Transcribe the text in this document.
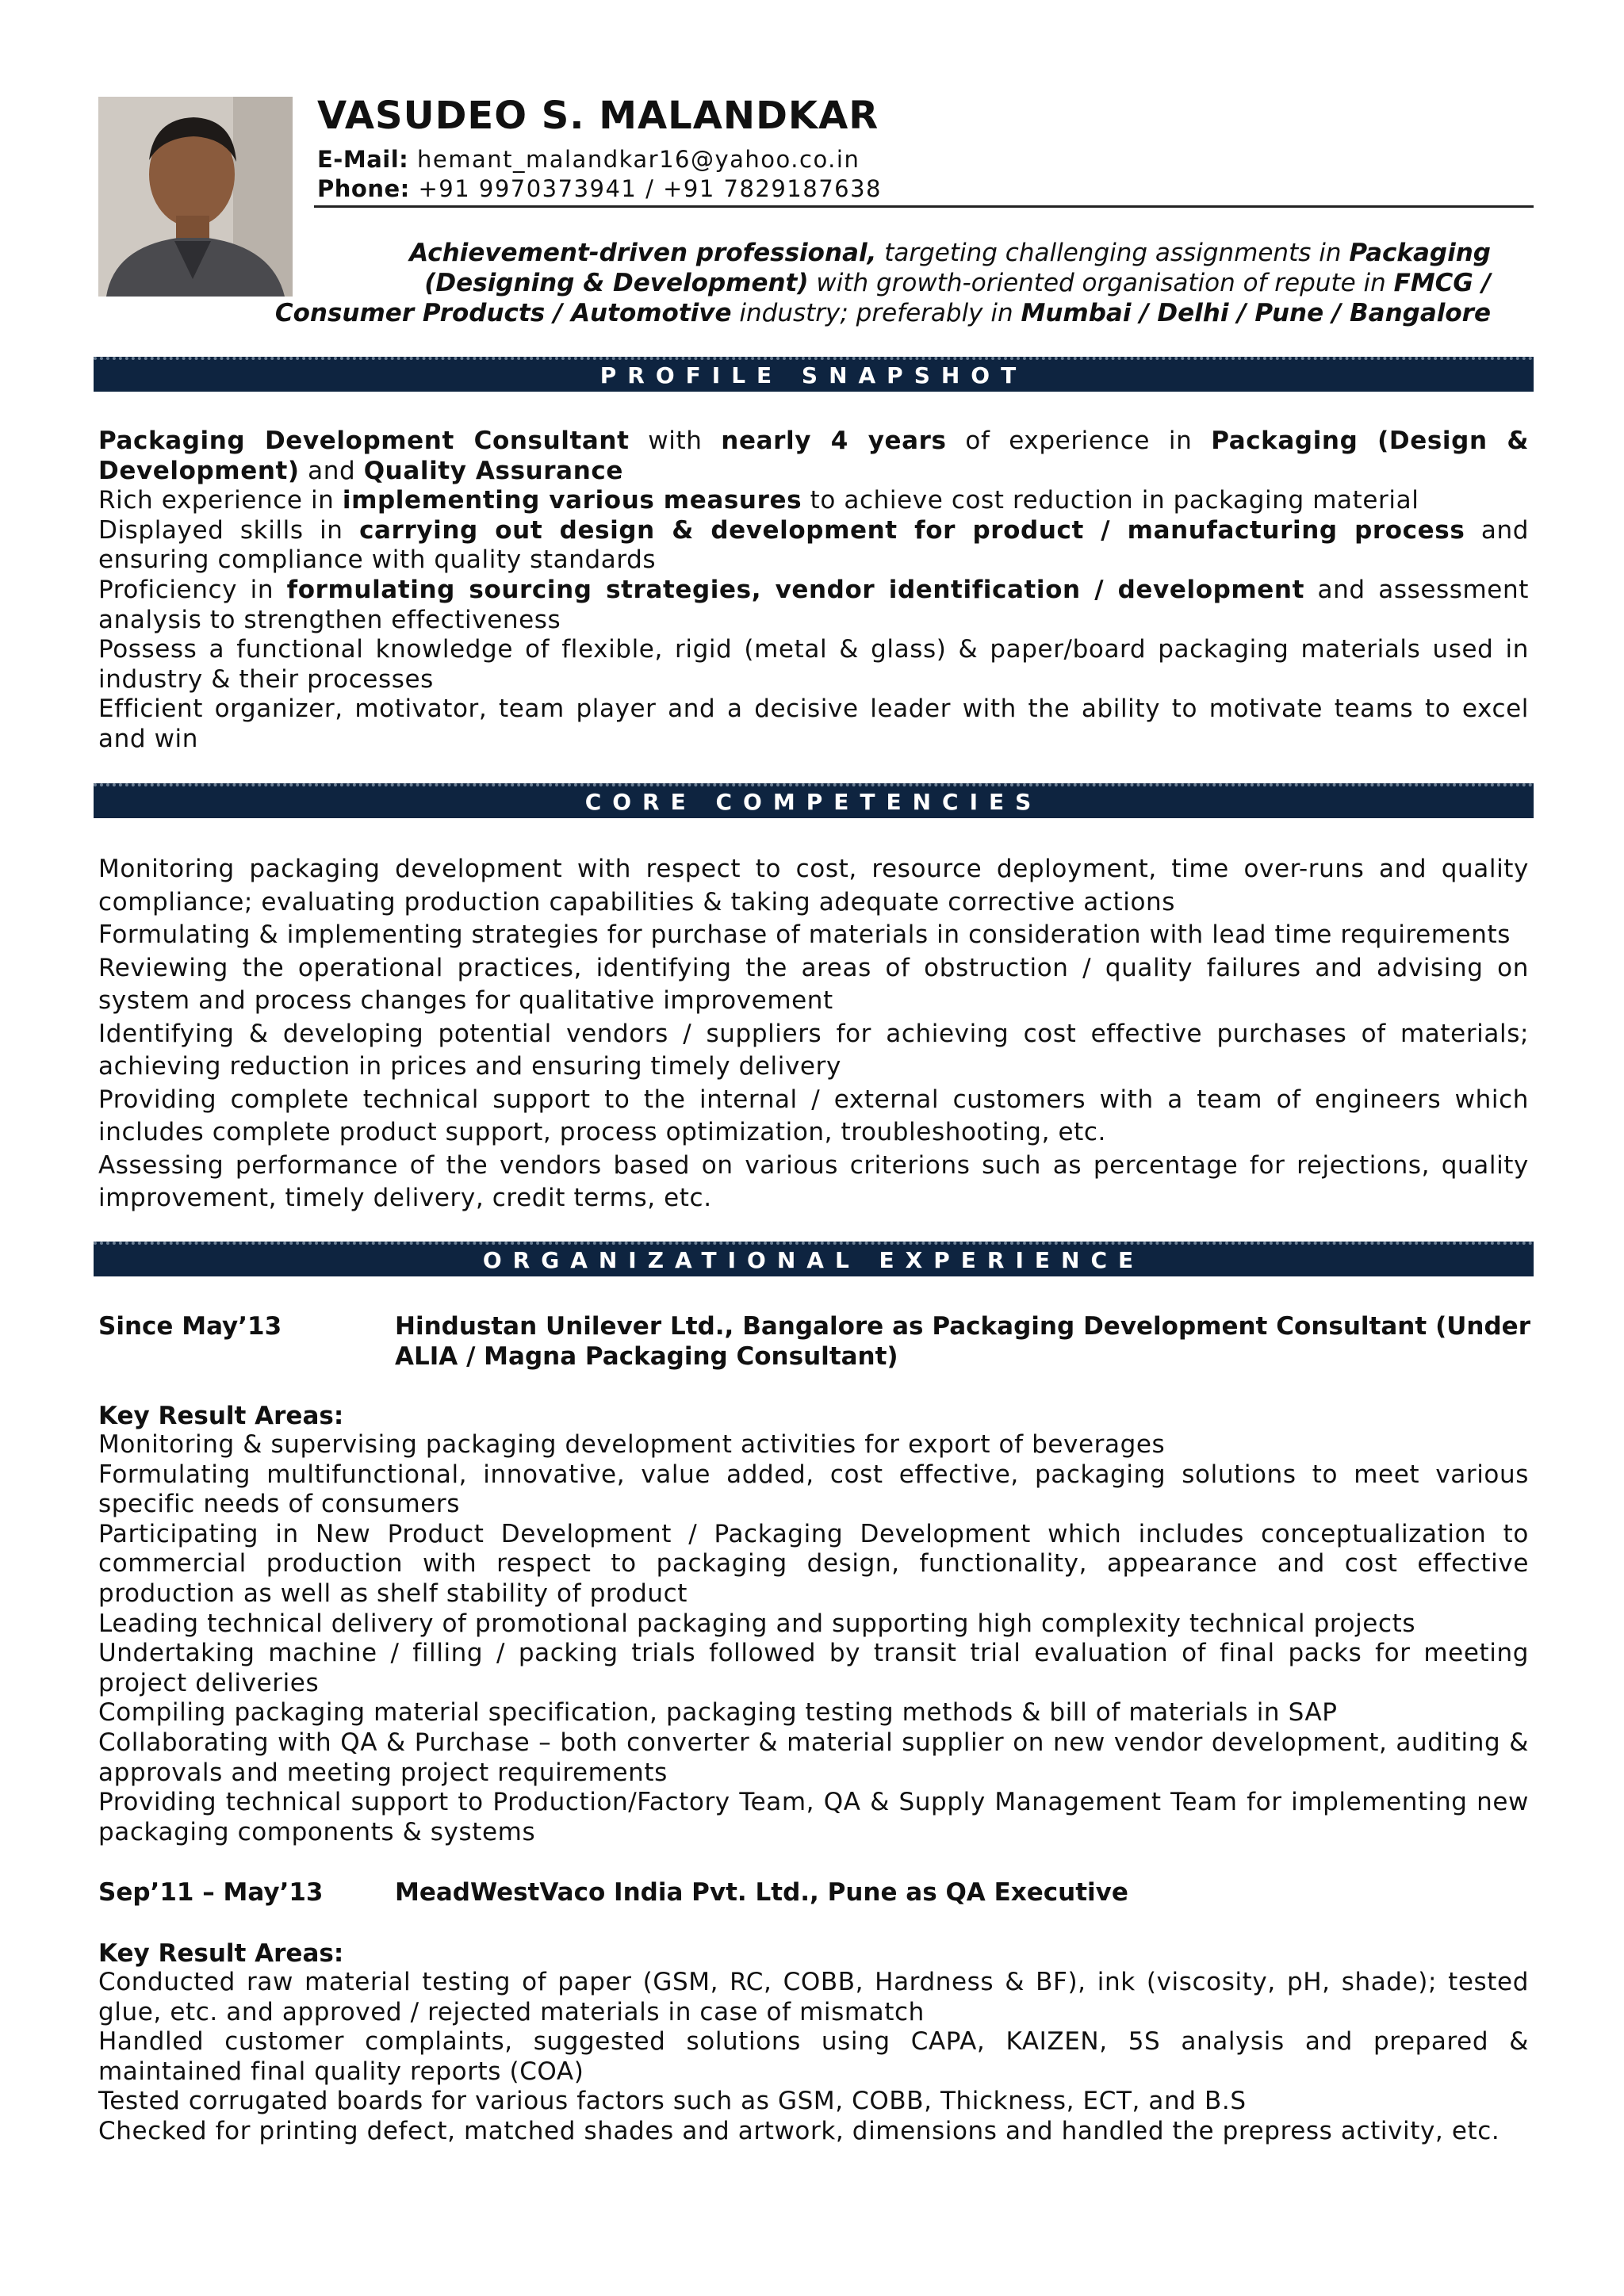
VASUDEO S. MALANDKAR
E-Mail: hemant_malandkar16@yahoo.co.in
Phone: +91 9970373941 / +91 7829187638
Achievement-driven professional, targeting challenging assignments in Packaging
(Designing & Development) with growth-oriented organisation of repute in FMCG /
Consumer Products / Automotive industry; preferably in Mumbai / Delhi / Pune / Bangalore
PROFILE SNAPSHOT
Packaging Development Consultant with nearly 4 years of experience in Packaging (Design & Development) and Quality Assurance
Rich experience in implementing various measures to achieve cost reduction in packaging material
Displayed skills in carrying out design & development for product / manufacturing process and ensuring compliance with quality standards
Proficiency in formulating sourcing strategies, vendor identification / development and assessment analysis to strengthen effectiveness
Possess a functional knowledge of flexible, rigid (metal & glass) & paper/board packaging materials used in industry & their processes
Efficient organizer, motivator, team player and a decisive leader with the ability to motivate teams to excel and win
CORE COMPETENCIES
Monitoring packaging development with respect to cost, resource deployment, time over-runs and quality compliance; evaluating production capabilities & taking adequate corrective actions
Formulating & implementing strategies for purchase of materials in consideration with lead time requirements
Reviewing the operational practices, identifying the areas of obstruction / quality failures and advising on system and process changes for qualitative improvement
Identifying & developing potential vendors / suppliers for achieving cost effective purchases of materials; achieving reduction in prices and ensuring timely delivery
Providing complete technical support to the internal / external customers with a team of engineers which includes complete product support, process optimization, troubleshooting, etc.
Assessing performance of the vendors based on various criterions such as percentage for rejections, quality improvement, timely delivery, credit terms, etc.
ORGANIZATIONAL EXPERIENCE
Since May’13	Hindustan Unilever Ltd., Bangalore as Packaging Development Consultant (Under ALIA / Magna Packaging Consultant)
Key Result Areas:
Monitoring & supervising packaging development activities for export of beverages
Formulating multifunctional, innovative, value added, cost effective, packaging solutions to meet various specific needs of consumers
Participating in New Product Development / Packaging Development which includes conceptualization to commercial production with respect to packaging design, functionality, appearance and cost effective production as well as shelf stability of product
Leading technical delivery of promotional packaging and supporting high complexity technical projects
Undertaking machine / filling / packing trials followed by transit trial evaluation of final packs for meeting project deliveries
Compiling packaging material specification, packaging testing methods & bill of materials in SAP
Collaborating with QA & Purchase – both converter & material supplier on new vendor development, auditing & approvals and meeting project requirements
Providing technical support to Production/Factory Team, QA & Supply Management Team for implementing new packaging components & systems
Sep’11 – May’13	MeadWestVaco India Pvt. Ltd., Pune as QA Executive
Key Result Areas:
Conducted raw material testing of paper (GSM, RC, COBB, Hardness & BF), ink (viscosity, pH, shade); tested glue, etc. and approved / rejected materials in case of mismatch
Handled customer complaints, suggested solutions using CAPA, KAIZEN, 5S analysis and prepared & maintained final quality reports (COA)
Tested corrugated boards for various factors such as GSM, COBB, Thickness, ECT, and B.S
Checked for printing defect, matched shades and artwork, dimensions and handled the prepress activity, etc.
